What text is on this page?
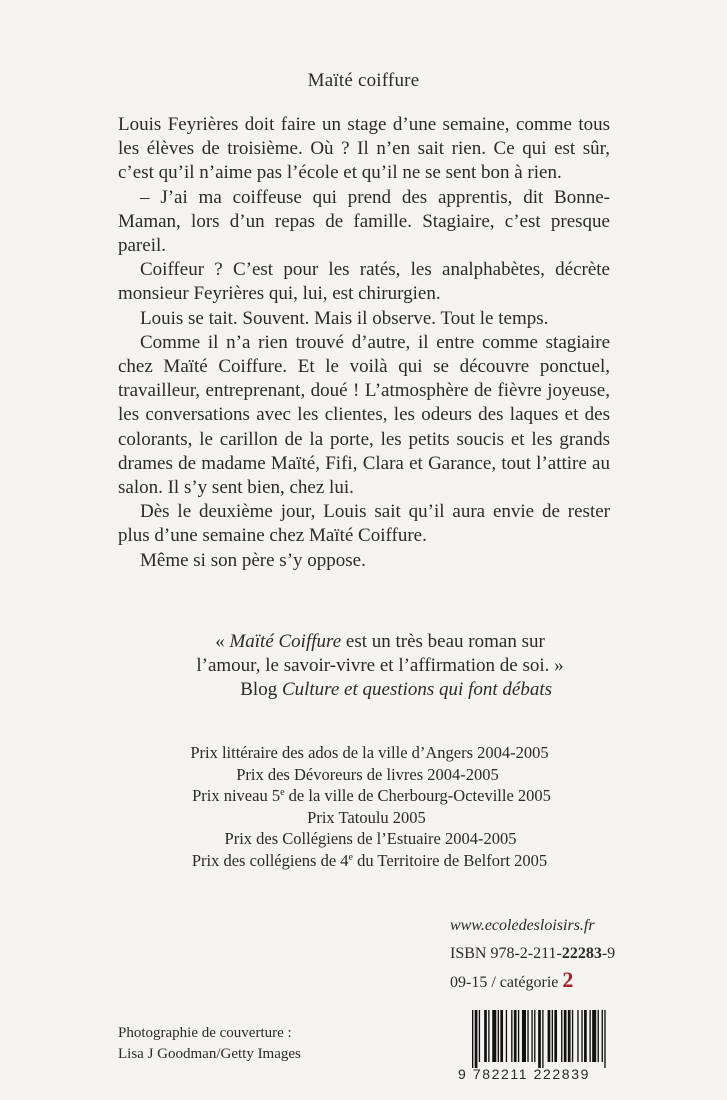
Maïté coiffure

Louis Feyrières doit faire un stage d’une semaine, comme tous les élèves de troisième. Où ? Il n’en sait rien. Ce qui est sûr, c’est qu’il n’aime pas l’école et qu’il ne se sent bon à rien.

– J’ai ma coiffeuse qui prend des apprentis, dit Bonne-Maman, lors d’un repas de famille. Stagiaire, c’est presque pareil.

Coiffeur ? C’est pour les ratés, les analphabètes, décrète monsieur Feyrières qui, lui, est chirurgien.

Louis se tait. Souvent. Mais il observe. Tout le temps.

Comme il n’a rien trouvé d’autre, il entre comme stagiaire chez Maïté Coiffure. Et le voilà qui se découvre ponctuel, travailleur, entreprenant, doué ! L’atmosphère de fièvre joyeuse, les conversations avec les clientes, les odeurs des laques et des colorants, le carillon de la porte, les petits soucis et les grands drames de madame Maïté, Fifi, Clara et Garance, tout l’attire au salon. Il s’y sent bien, chez lui.

Dès le deuxième jour, Louis sait qu’il aura envie de rester plus d’une semaine chez Maïté Coiffure.

Même si son père s’y oppose.

« Maïté Coiffure est un très beau roman sur
l’amour, le savoir-vivre et l’affirmation de soi. »
Blog Culture et questions qui font débats
Prix littéraire des ados de la ville d’Angers 2004-2005
Prix des Dévoreurs de livres 2004-2005
Prix niveau 5e de la ville de Cherbourg-Octeville 2005
Prix Tatoulu 2005
Prix des Collégiens de l’Estuaire 2004-2005
Prix des collégiens de 4e du Territoire de Belfort 2005
www.ecoledesloisirs.fr
ISBN 978-2-211-22283-9
09-15 / catégorie 2
Photographie de couverture :
Lisa J Goodman/Getty Images
9 782211 222839
